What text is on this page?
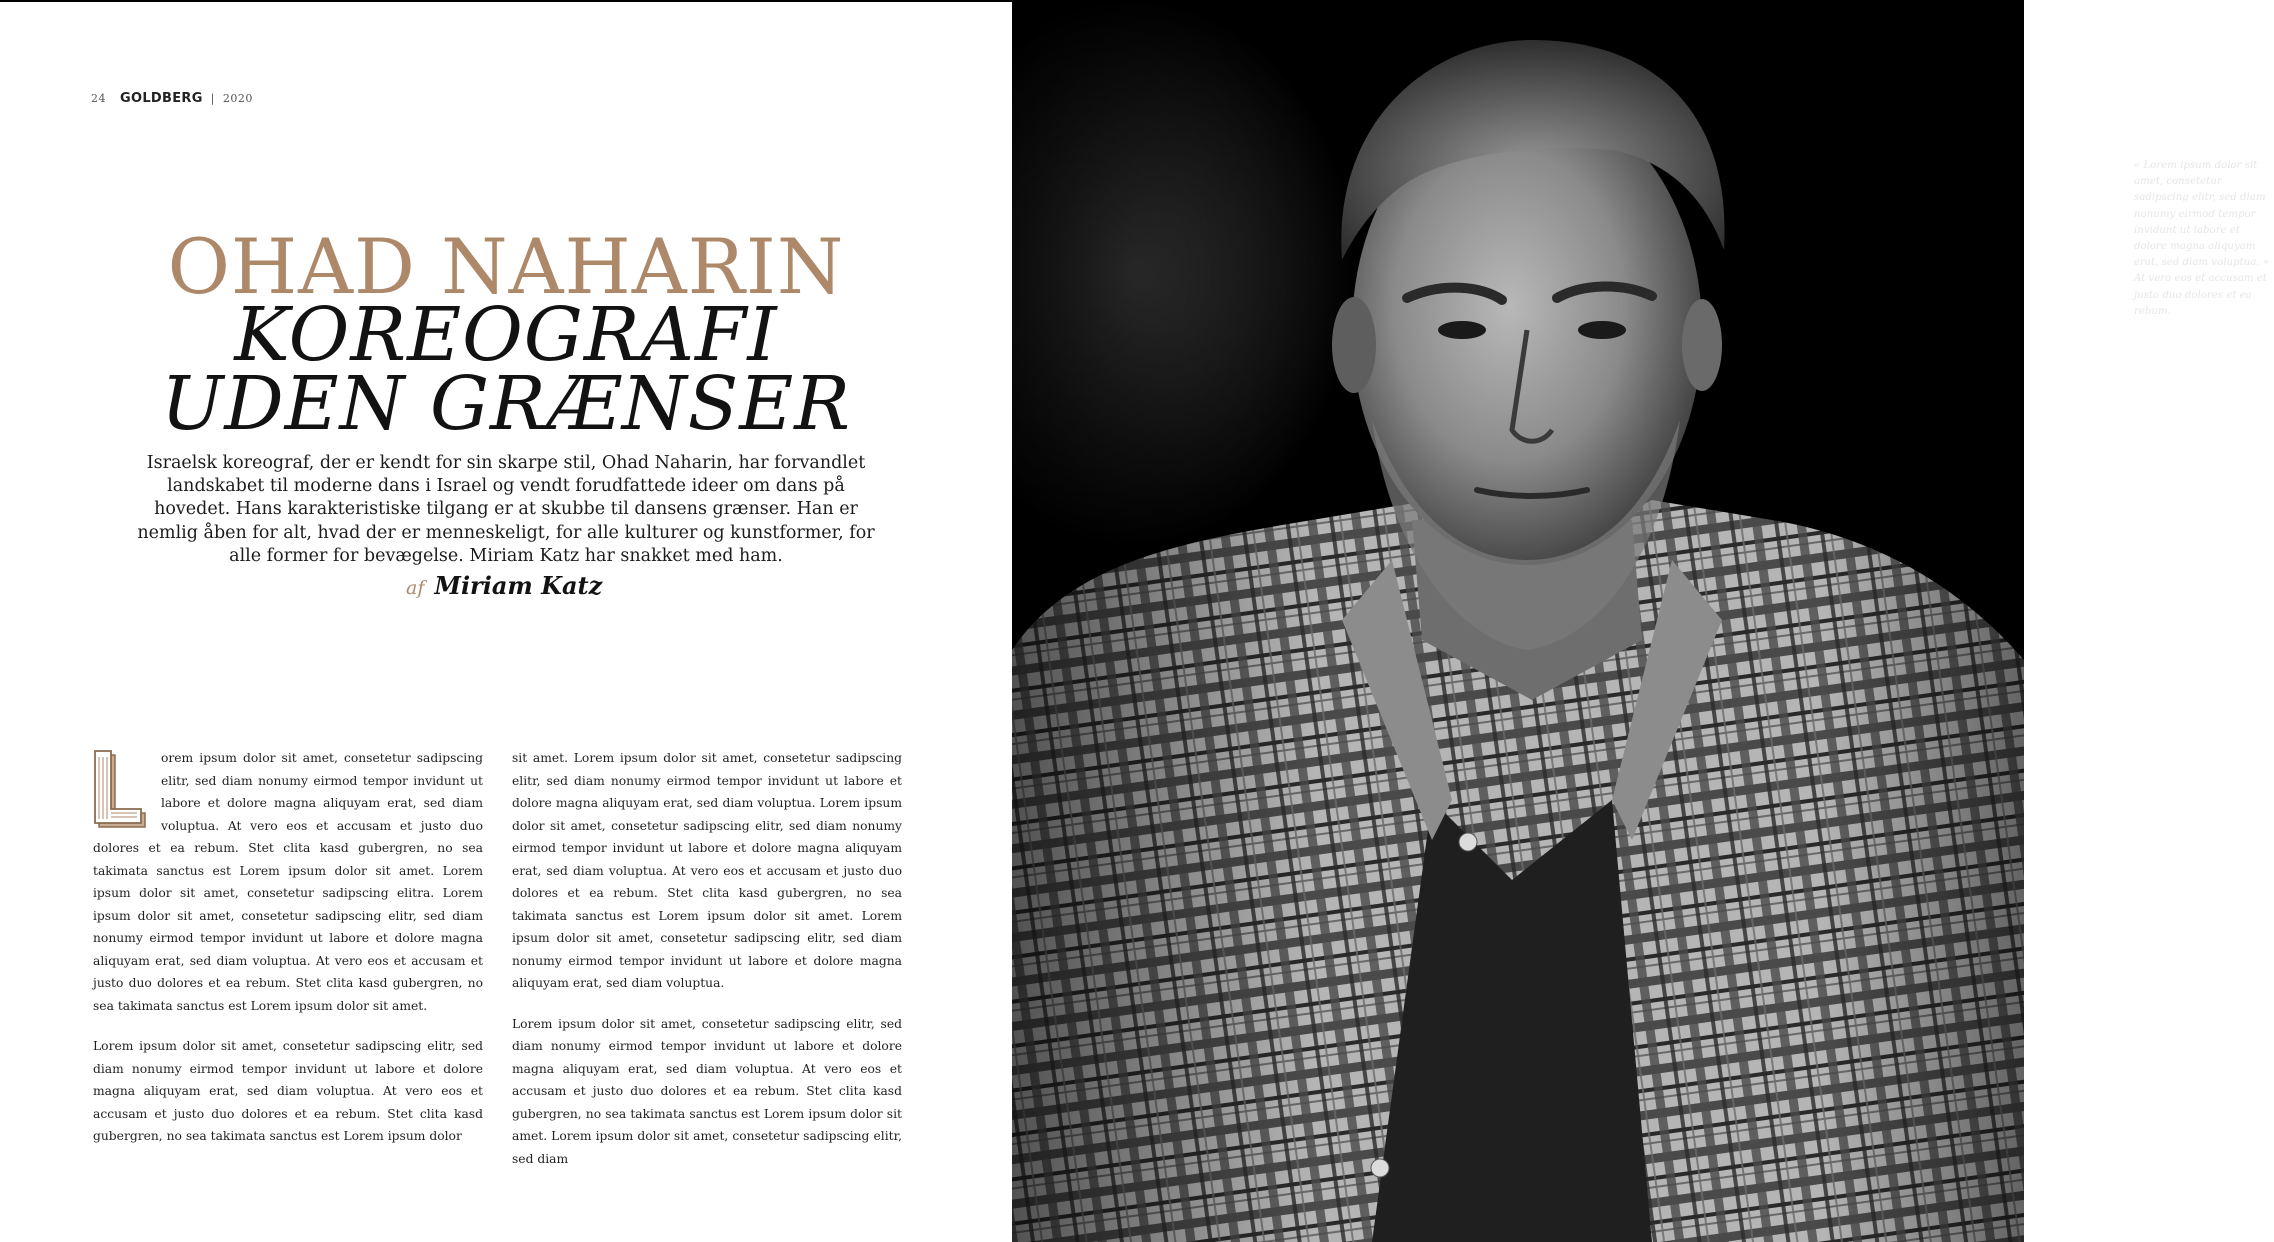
24 GOLDBERG | 2020
OHAD NAHARIN
KOREOGRAFI
UDEN GRÆNSER
Israelsk koreograf, der er kendt for sin skarpe stil, Ohad Naharin, har forvandlet landskabet til moderne dans i Israel og vendt forudfattede ideer om dans på hovedet. Hans karakteristiske tilgang er at skubbe til dansens grænser. Han er nemlig åben for alt, hvad der er menneskeligt, for alle kulturer og kunstformer, for alle former for bevægelse. Miriam Katz har snakket med ham.
af Miriam Katz

orem ipsum dolor sit amet, consetetur sadipscing elitr, sed diam nonumy eirmod tempor invidunt ut labore et dolore magna aliquyam erat, sed diam voluptua. At vero eos et accusam et justo duo dolores et ea rebum. Stet clita kasd gubergren, no sea takimata sanctus est Lorem ipsum dolor sit amet. Lorem ipsum dolor sit amet, consetetur sadipscing elitra. Lorem ipsum dolor sit amet, consetetur sadipscing elitr, sed diam nonumy eirmod tempor invidunt ut labore et dolore magna aliquyam erat, sed diam voluptua. At vero eos et accusam et justo duo dolores et ea rebum. Stet clita kasd gubergren, no sea takimata sanctus est Lorem ipsum dolor sit amet.

Lorem ipsum dolor sit amet, consetetur sadipscing elitr, sed diam nonumy eirmod tempor invidunt ut labore et dolore magna aliquyam erat, sed diam voluptua. At vero eos et accusam et justo duo dolores et ea rebum. Stet clita kasd gubergren, no sea takimata sanctus est Lorem ipsum dolor

sit amet. Lorem ipsum dolor sit amet, consetetur sadipscing elitr, sed diam nonumy eirmod tempor invidunt ut labore et dolore magna aliquyam erat, sed diam voluptua. Lorem ipsum dolor sit amet, consetetur sadipscing elitr, sed diam nonumy eirmod tempor invidunt ut labore et dolore magna aliquyam erat, sed diam voluptua. At vero eos et accusam et justo duo dolores et ea rebum. Stet clita kasd gubergren, no sea takimata sanctus est Lorem ipsum dolor sit amet. Lorem ipsum dolor sit amet, consetetur sadipscing elitr, sed diam nonumy eirmod tempor invidunt ut labore et dolore magna aliquyam erat, sed diam voluptua.

Lorem ipsum dolor sit amet, consetetur sadipscing elitr, sed diam nonumy eirmod tempor invidunt ut labore et dolore magna aliquyam erat, sed diam voluptua. At vero eos et accusam et justo duo dolores et ea rebum. Stet clita kasd gubergren, no sea takimata sanctus est Lorem ipsum dolor sit amet. Lorem ipsum dolor sit amet, consetetur sadipscing elitr, sed diam

« Lorem ipsum dolor sit amet, consetetur sadipscing elitr, sed diam nonumy eirmod tempor invidunt ut labore et dolore magna aliquyam erat, sed diam voluptua. » At vero eos et accusam et justo duo dolores et ea rebum.
